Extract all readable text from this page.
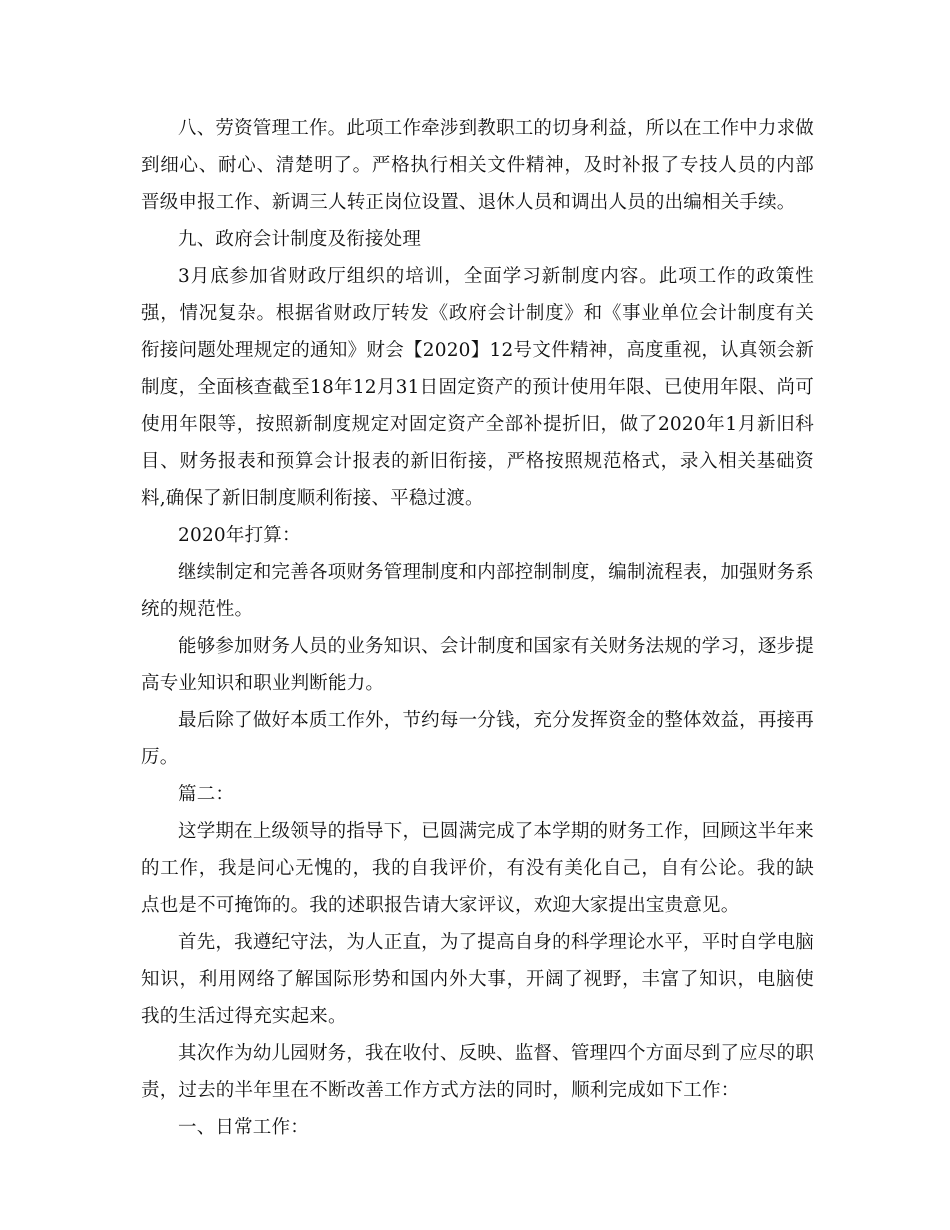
八、劳资管理工作。此项工作牵涉到教职工的切身利益，所以在工作中力求做到细心、耐心、清楚明了。严格执行相关文件精神，及时补报了专技人员的内部晋级申报工作、新调三人转正岗位设置、退休人员和调出人员的出编相关手续。

九、政府会计制度及衔接处理

3月底参加省财政厅组织的培训，全面学习新制度内容。此项工作的政策性强，情况复杂。根据省财政厅转发《政府会计制度》和《事业单位会计制度有关衔接问题处理规定的通知》财会【2020】12号文件精神，高度重视，认真领会新制度，全面核查截至18年12月31日固定资产的预计使用年限、已使用年限、尚可使用年限等，按照新制度规定对固定资产全部补提折旧，做了2020年1月新旧科目、财务报表和预算会计报表的新旧衔接，严格按照规范格式，录入相关基础资料,确保了新旧制度顺利衔接、平稳过渡。

2020年打算：

继续制定和完善各项财务管理制度和内部控制制度，编制流程表，加强财务系统的规范性。

能够参加财务人员的业务知识、会计制度和国家有关财务法规的学习，逐步提高专业知识和职业判断能力。

最后除了做好本质工作外，节约每一分钱，充分发挥资金的整体效益，再接再厉。

篇二：

这学期在上级领导的指导下，已圆满完成了本学期的财务工作，回顾这半年来的工作，我是问心无愧的，我的自我评价，有没有美化自己，自有公论。我的缺点也是不可掩饰的。我的述职报告请大家评议，欢迎大家提出宝贵意见。

首先，我遵纪守法，为人正直，为了提高自身的科学理论水平，平时自学电脑知识，利用网络了解国际形势和国内外大事，开阔了视野，丰富了知识，电脑使我的生活过得充实起来。

其次作为幼儿园财务，我在收付、反映、监督、管理四个方面尽到了应尽的职责，过去的半年里在不断改善工作方式方法的同时，顺利完成如下工作：

一、日常工作：
